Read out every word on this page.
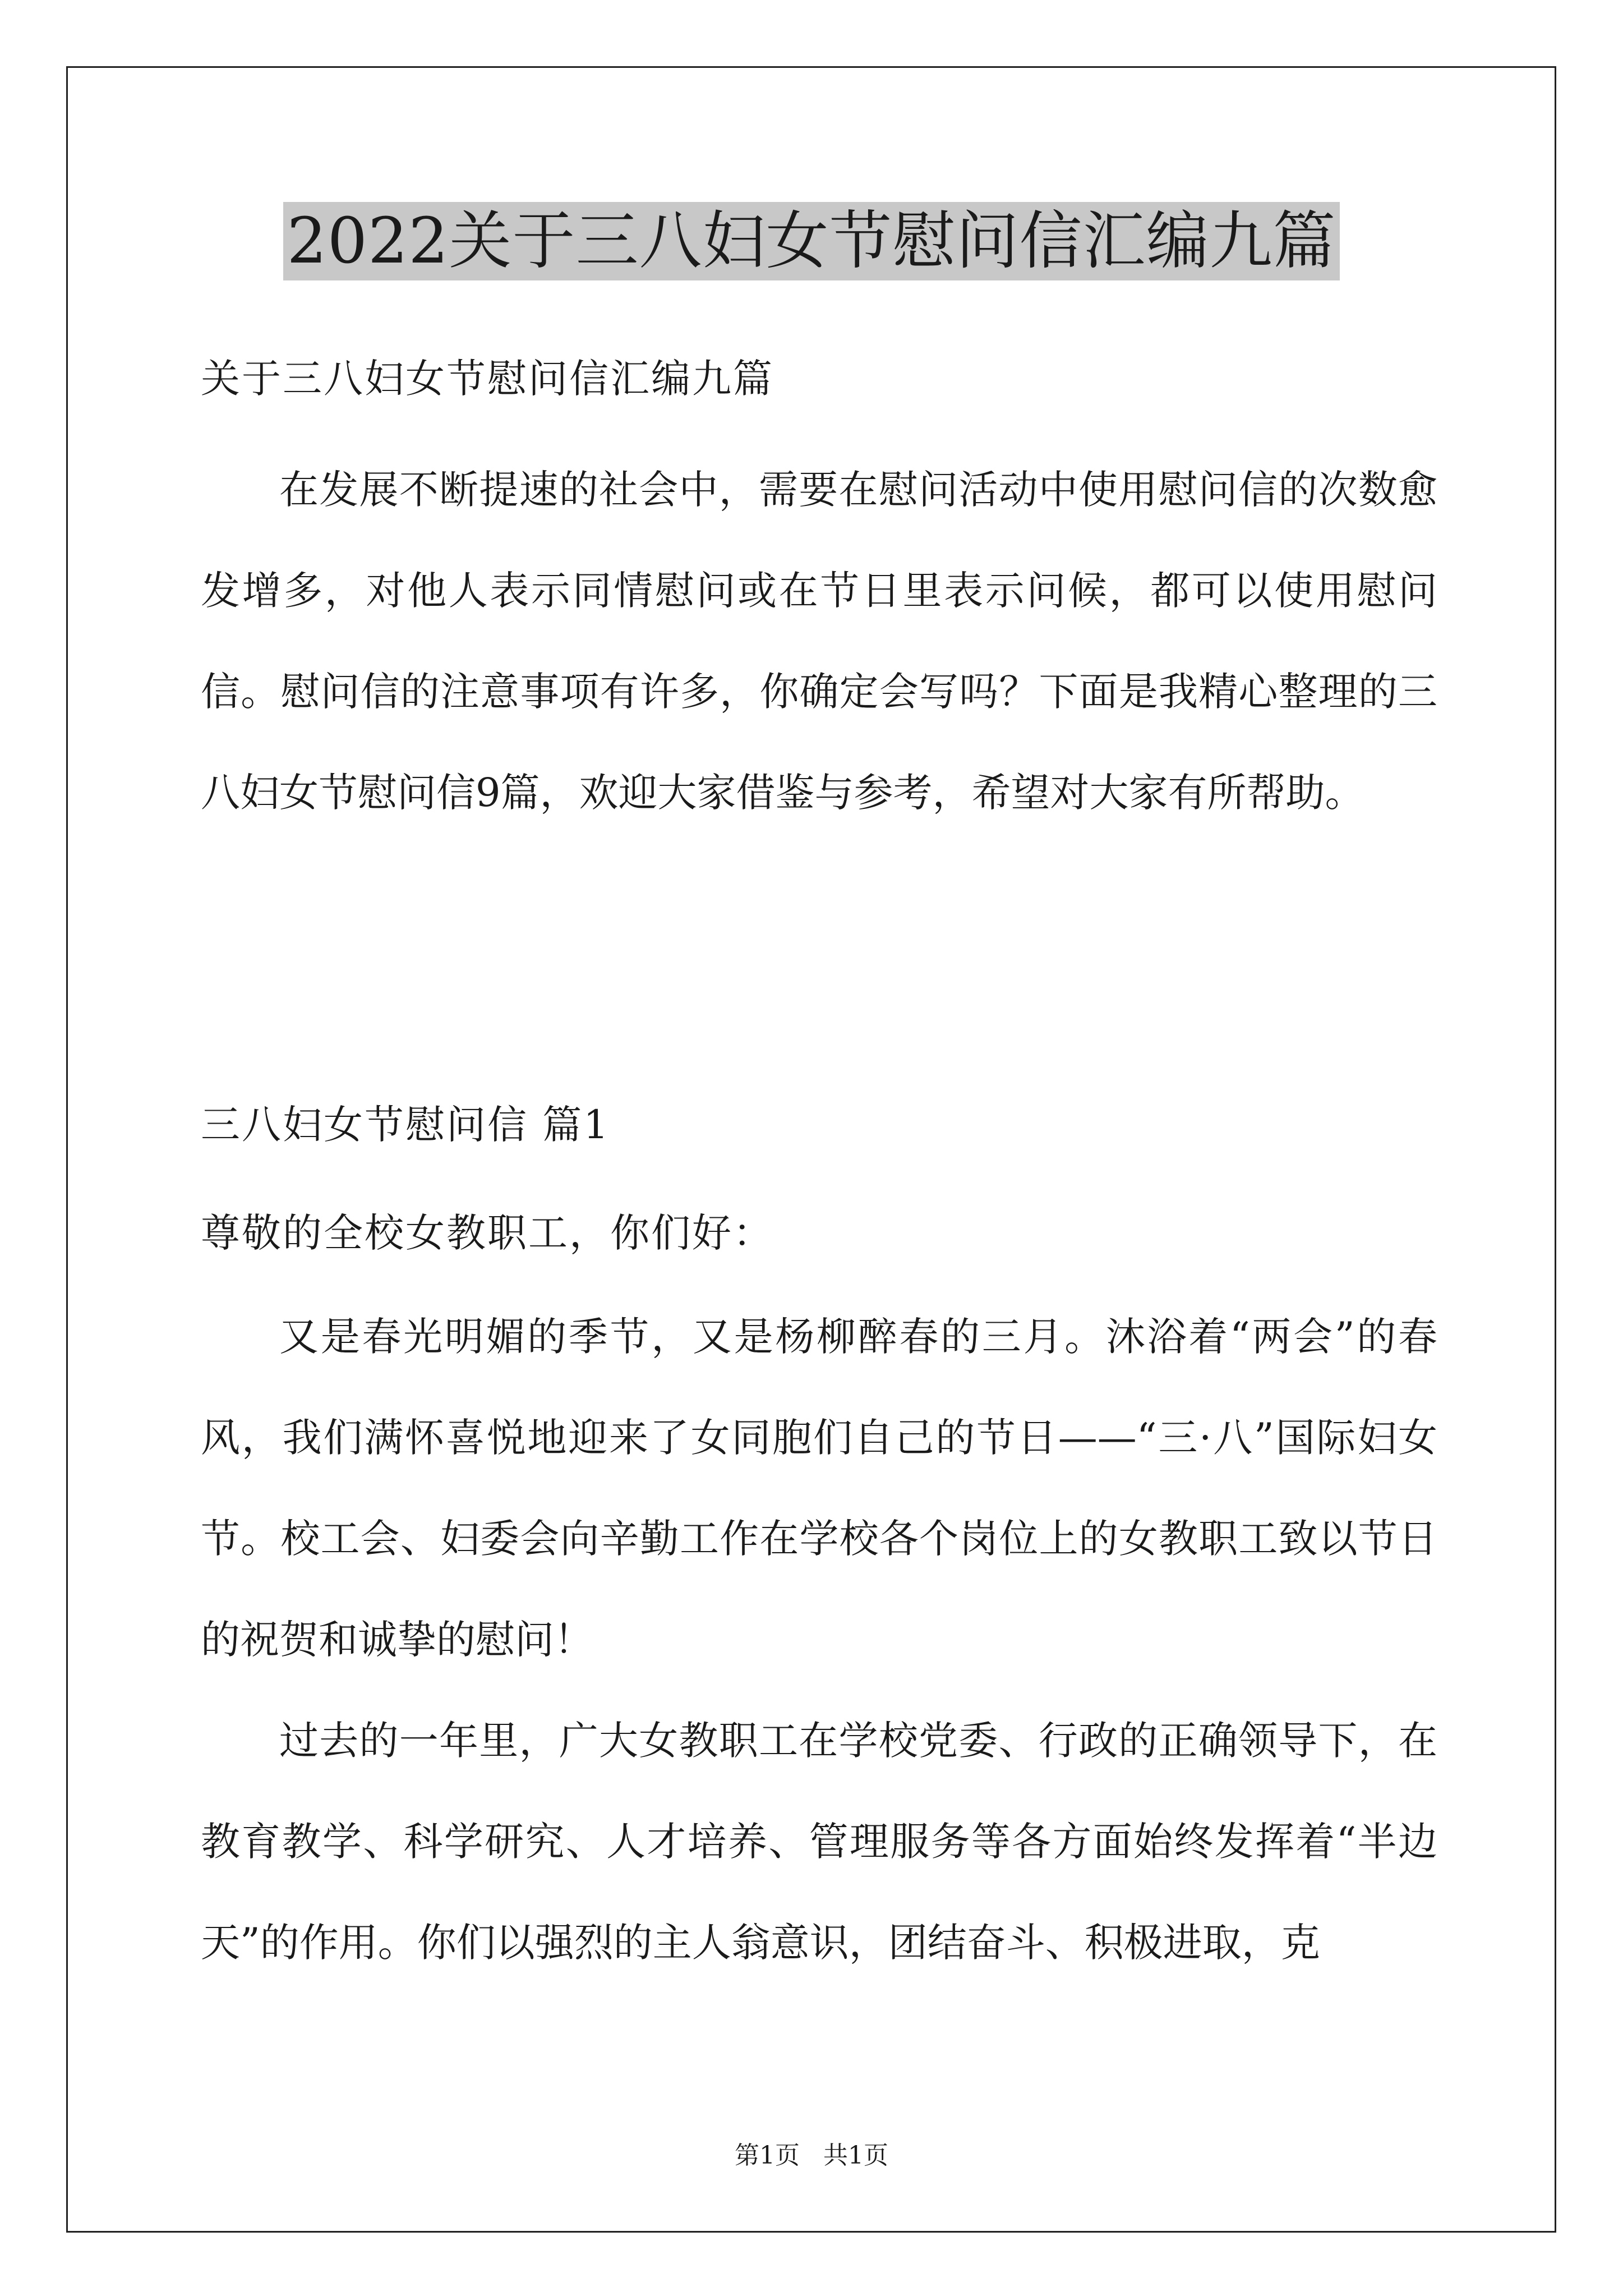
2022关于三八妇女节慰问信汇编九篇
关于三八妇女节慰问信汇编九篇

在发展不断提速的社会中，需要在慰问活动中使用慰问信的次数愈发增多，对他人表示同情慰问或在节日里表示问候，都可以使用慰问信。慰问信的注意事项有许多，你确定会写吗？下面是我精心整理的三八妇女节慰问信9篇，欢迎大家借鉴与参考，希望对大家有所帮助。

三八妇女节慰问信 篇1
尊敬的全校女教职工，你们好：

又是春光明媚的季节，又是杨柳醉春的三月。沐浴着“两会”的春风，我们满怀喜悦地迎来了女同胞们自己的节日——“三·八”国际妇女节。校工会、妇委会向辛勤工作在学校各个岗位上的女教职工致以节日的祝贺和诚挚的慰问！

过去的一年里，广大女教职工在学校党委、行政的正确领导下，在教育教学、科学研究、人才培养、管理服务等各方面始终发挥着“半边天”的作用。你们以强烈的主人翁意识，团结奋斗、积极进取，克

第1页   共1页
